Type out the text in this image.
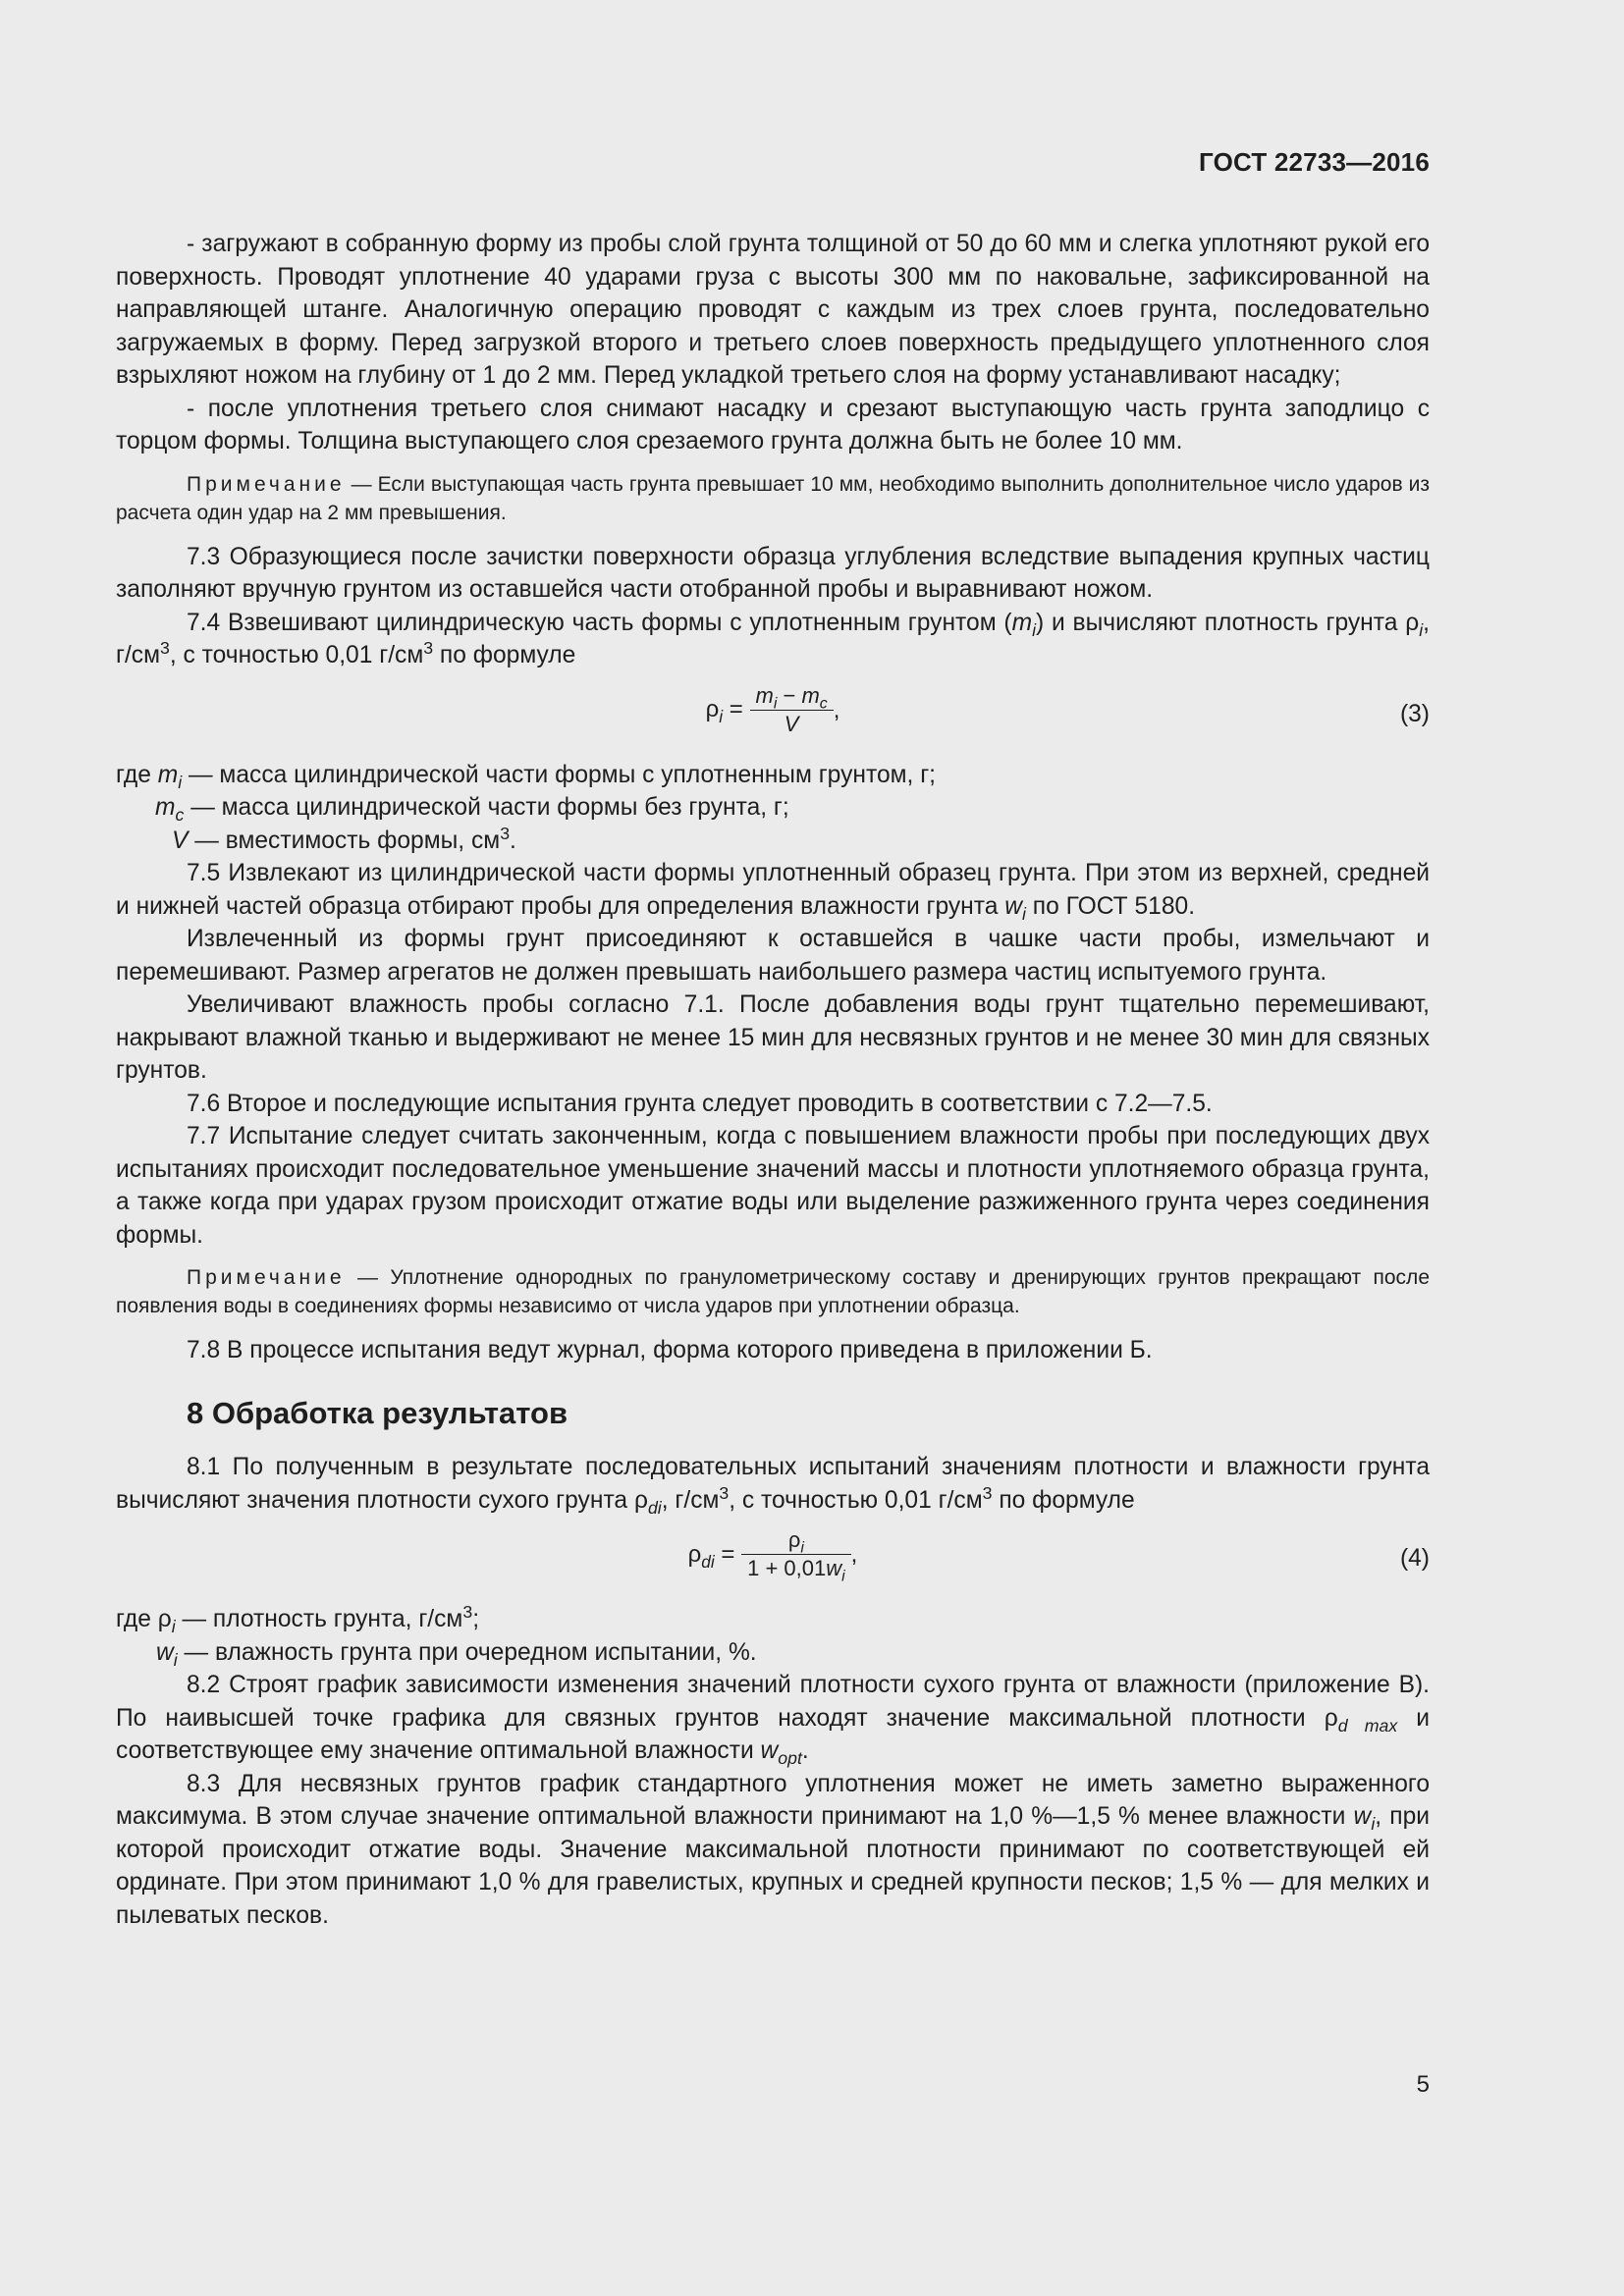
ГОСТ 22733—2016

- загружают в собранную форму из пробы слой грунта толщиной от 50 до 60 мм и слегка уплотняют рукой его поверхность. Проводят уплотнение 40 ударами груза с высоты 300 мм по наковальне, зафиксированной на направляющей штанге. Аналогичную операцию проводят с каждым из трех слоев грунта, последовательно загружаемых в форму. Перед загрузкой второго и третьего слоев поверхность предыдущего уплотненного слоя взрыхляют ножом на глубину от 1 до 2 мм. Перед укладкой третьего слоя на форму устанавливают насадку;

- после уплотнения третьего слоя снимают насадку и срезают выступающую часть грунта заподлицо с торцом формы. Толщина выступающего слоя срезаемого грунта должна быть не более 10 мм.

Примечание — Если выступающая часть грунта превышает 10 мм, необходимо выполнить дополнительное число ударов из расчета один удар на 2 мм превышения.

7.3 Образующиеся после зачистки поверхности образца углубления вследствие выпадения крупных частиц заполняют вручную грунтом из оставшейся части отобранной пробы и выравнивают ножом.

7.4 Взвешивают цилиндрическую часть формы с уплотненным грунтом $(m_i)$ и вычисляют плотность грунта $\rho_i$, $г/см^3$, с точностью 0,01 $г/см^3$ по формуле

$\rho_i = \frac{m_i - m_c}{V}$ ,	(3)
где $m_i$ — масса цилиндрической части формы с уплотненным грунтом, г;
$m_c$ — масса цилиндрической части формы без грунта, г;
V — вместимость формы, $см^3$.

7.5 Извлекают из цилиндрической части формы уплотненный образец грунта. При этом из верхней, средней и нижней частей образца отбирают пробы для определения влажности грунта $w_i$ по ГОСТ 5180.

Извлеченный из формы грунт присоединяют к оставшейся в чашке части пробы, измельчают и перемешивают. Размер агрегатов не должен превышать наибольшего размера частиц испытуемого грунта.

Увеличивают влажность пробы согласно 7.1. После добавления воды грунт тщательно перемешивают, накрывают влажной тканью и выдерживают не менее 15 мин для несвязных грунтов и не менее 30 мин для связных грунтов.

7.6 Второе и последующие испытания грунта следует проводить в соответствии с 7.2—7.5.

7.7 Испытание следует считать законченным, когда с повышением влажности пробы при последующих двух испытаниях происходит последовательное уменьшение значений массы и плотности уплотняемого образца грунта, а также когда при ударах грузом происходит отжатие воды или выделение разжиженного грунта через соединения формы.

Примечание — Уплотнение однородных по гранулометрическому составу и дренирующих грунтов прекращают после появления воды в соединениях формы независимо от числа ударов при уплотнении образца.

7.8 В процессе испытания ведут журнал, форма которого приведена в приложении Б.

8 Обработка результатов

8.1 По полученным в результате последовательных испытаний значениям плотности и влажности грунта вычисляют значения плотности сухого грунта $\rho_{di}$, $г/см^3$, с точностью 0,01 $г/см^3$ по формуле

$\rho_{di} = \frac{\rho_i}{1 + 0,01w_i}$ ,	(4)
где $\rho_i$ — плотность грунта, $г/см^3$;
$w_i$ — влажность грунта при очередном испытании, %.

8.2 Строят график зависимости изменения значений плотности сухого грунта от влажности (приложение В). По наивысшей точке графика для связных грунтов находят значение максимальной плотности $\rho_{d max}$ и соответствующее ему значение оптимальной влажности $w_{opt}$.

8.3 Для несвязных грунтов график стандартного уплотнения может не иметь заметно выраженного максимума. В этом случае значение оптимальной влажности принимают на 1,0 %—1,5 % менее влажности $w_i$, при которой происходит отжатие воды. Значение максимальной плотности принимают по соответствующей ей ординате. При этом принимают 1,0 % для гравелистых, крупных и средней крупности песков; 1,5 % — для мелких и пылеватых песков.

5
